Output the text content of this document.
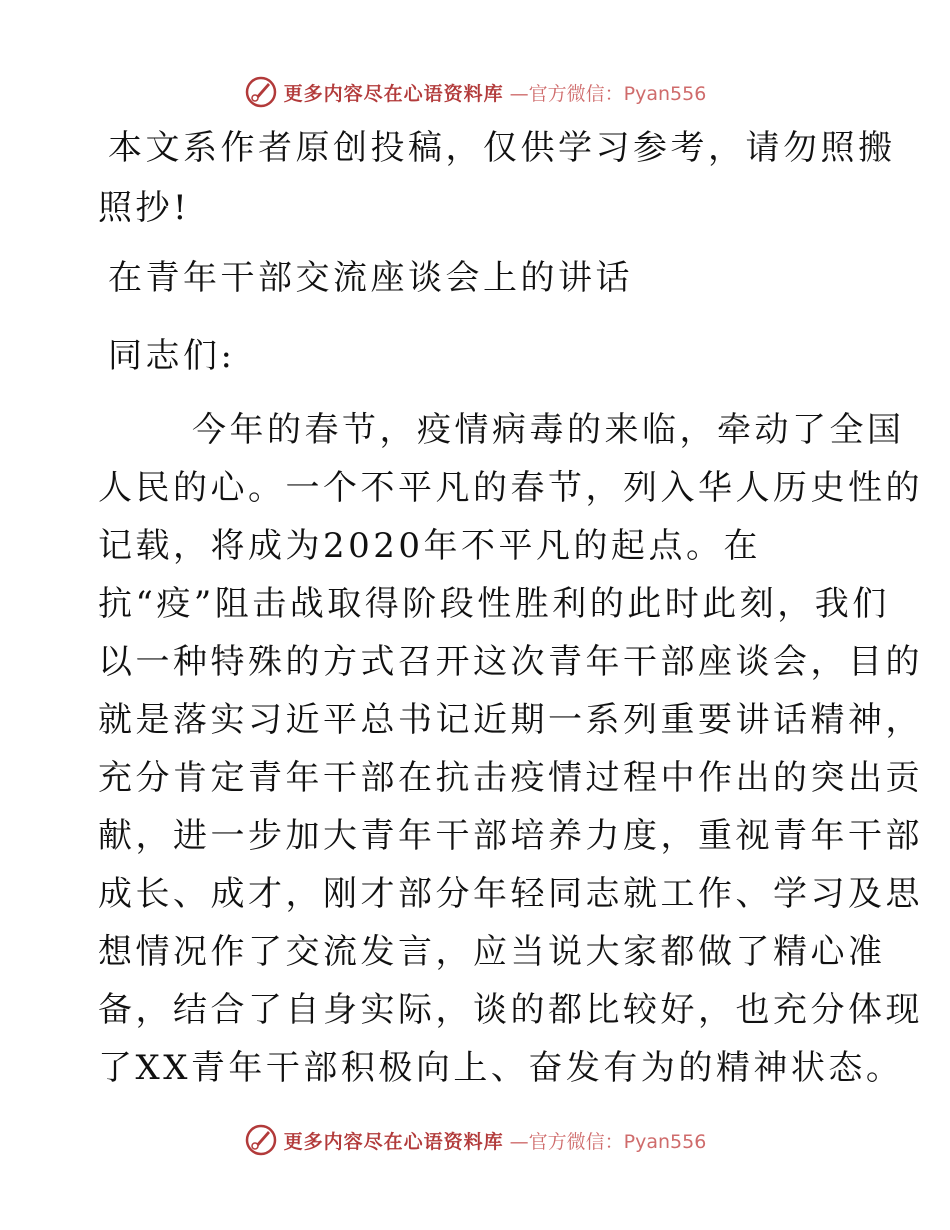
更多内容尽在心语资料库 —官方微信：Pyan556
本文系作者原创投稿，仅供学习参考，请勿照搬
照抄!
在青年干部交流座谈会上的讲话
同志们:
今年的春节，疫情病毒的来临，牵动了全国
人民的心。一个不平凡的春节，列入华人历史性的
记载，将成为2020年不平凡的起点。在
抗“疫”阻击战取得阶段性胜利的此时此刻，我们
以一种特殊的方式召开这次青年干部座谈会，目的
就是落实习近平总书记近期一系列重要讲话精神，
充分肯定青年干部在抗击疫情过程中作出的突出贡
献，进一步加大青年干部培养力度，重视青年干部
成长、成才，刚才部分年轻同志就工作、学习及思
想情况作了交流发言，应当说大家都做了精心准
备，结合了自身实际，谈的都比较好，也充分体现
了XX青年干部积极向上、奋发有为的精神状态。
更多内容尽在心语资料库 —官方微信：Pyan556
